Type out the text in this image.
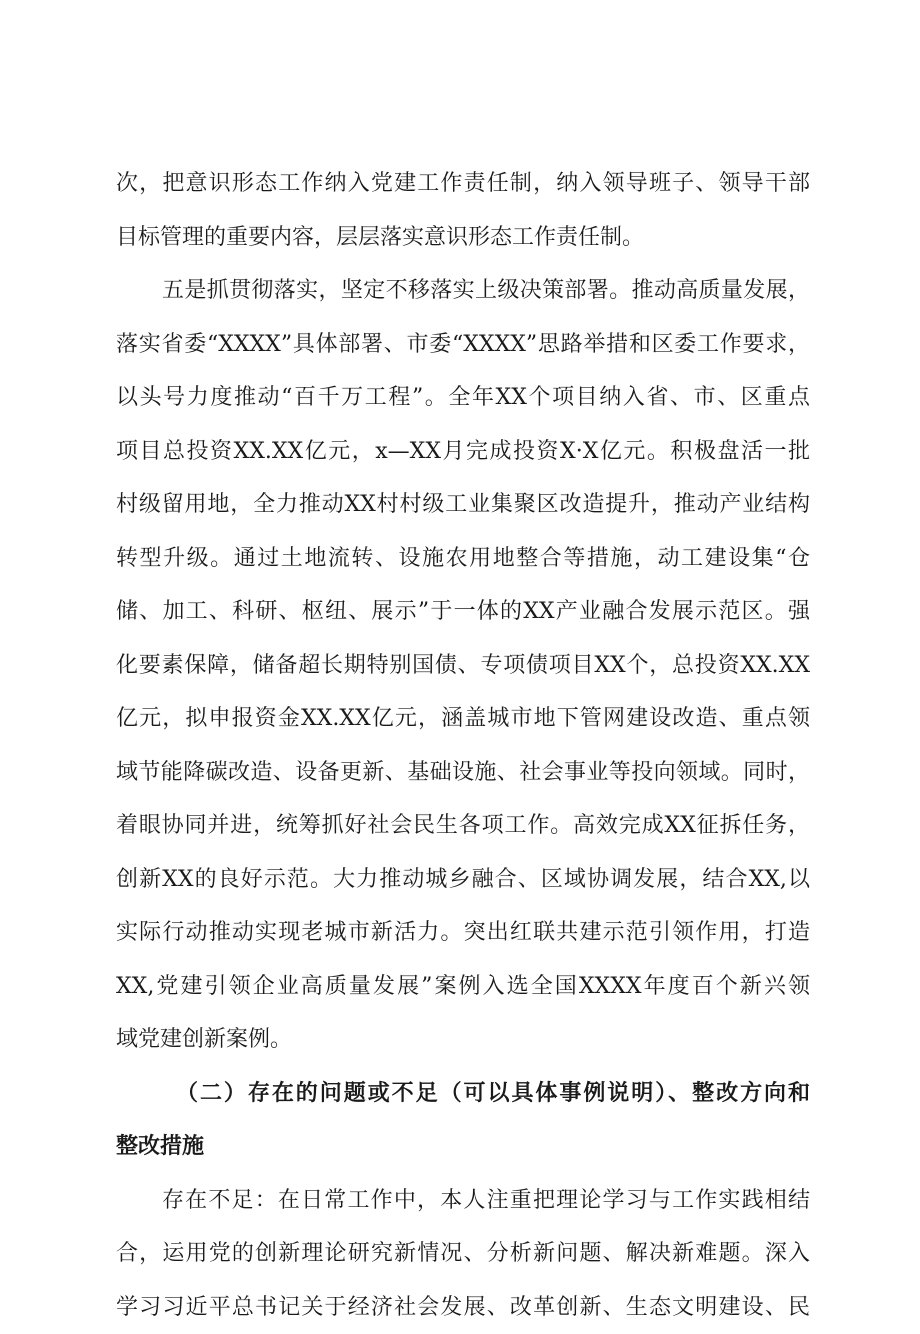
次，把意识形态工作纳入党建工作责任制，纳入领导班子、领导干部
目标管理的重要内容，层层落实意识形态工作责任制。
五是抓贯彻落实，坚定不移落实上级决策部署。推动高质量发展，
落实省委“XXXX”具体部署、市委“XXXX”思路举措和区委工作要求，
以头号力度推动“百千万工程”。全年XX个项目纳入省、市、区重点
项目总投资XX.XX亿元，x—XX月完成投资X·X亿元。积极盘活一批
村级留用地，全力推动XX村村级工业集聚区改造提升，推动产业结构
转型升级。通过土地流转、设施农用地整合等措施，动工建设集“仓
储、加工、科研、枢纽、展示”于一体的XX产业融合发展示范区。强
化要素保障，储备超长期特别国债、专项债项目XX个，总投资XX.XX
亿元，拟申报资金XX.XX亿元，涵盖城市地下管网建设改造、重点领
域节能降碳改造、设备更新、基础设施、社会事业等投向领域。同时，
着眼协同并进，统筹抓好社会民生各项工作。高效完成XX征拆任务，
创新XX的良好示范。大力推动城乡融合、区域协调发展，结合XX,以
实际行动推动实现老城市新活力。突出红联共建示范引领作用，打造
XX,党建引领企业高质量发展”案例入选全国XXXX年度百个新兴领
域党建创新案例。
（二）存在的问题或不足（可以具体事例说明）、整改方向和
整改措施
存在不足：在日常工作中，本人注重把理论学习与工作实践相结
合，运用党的创新理论研究新情况、分析新问题、解决新难题。深入
学习习近平总书记关于经济社会发展、改革创新、生态文明建设、民
